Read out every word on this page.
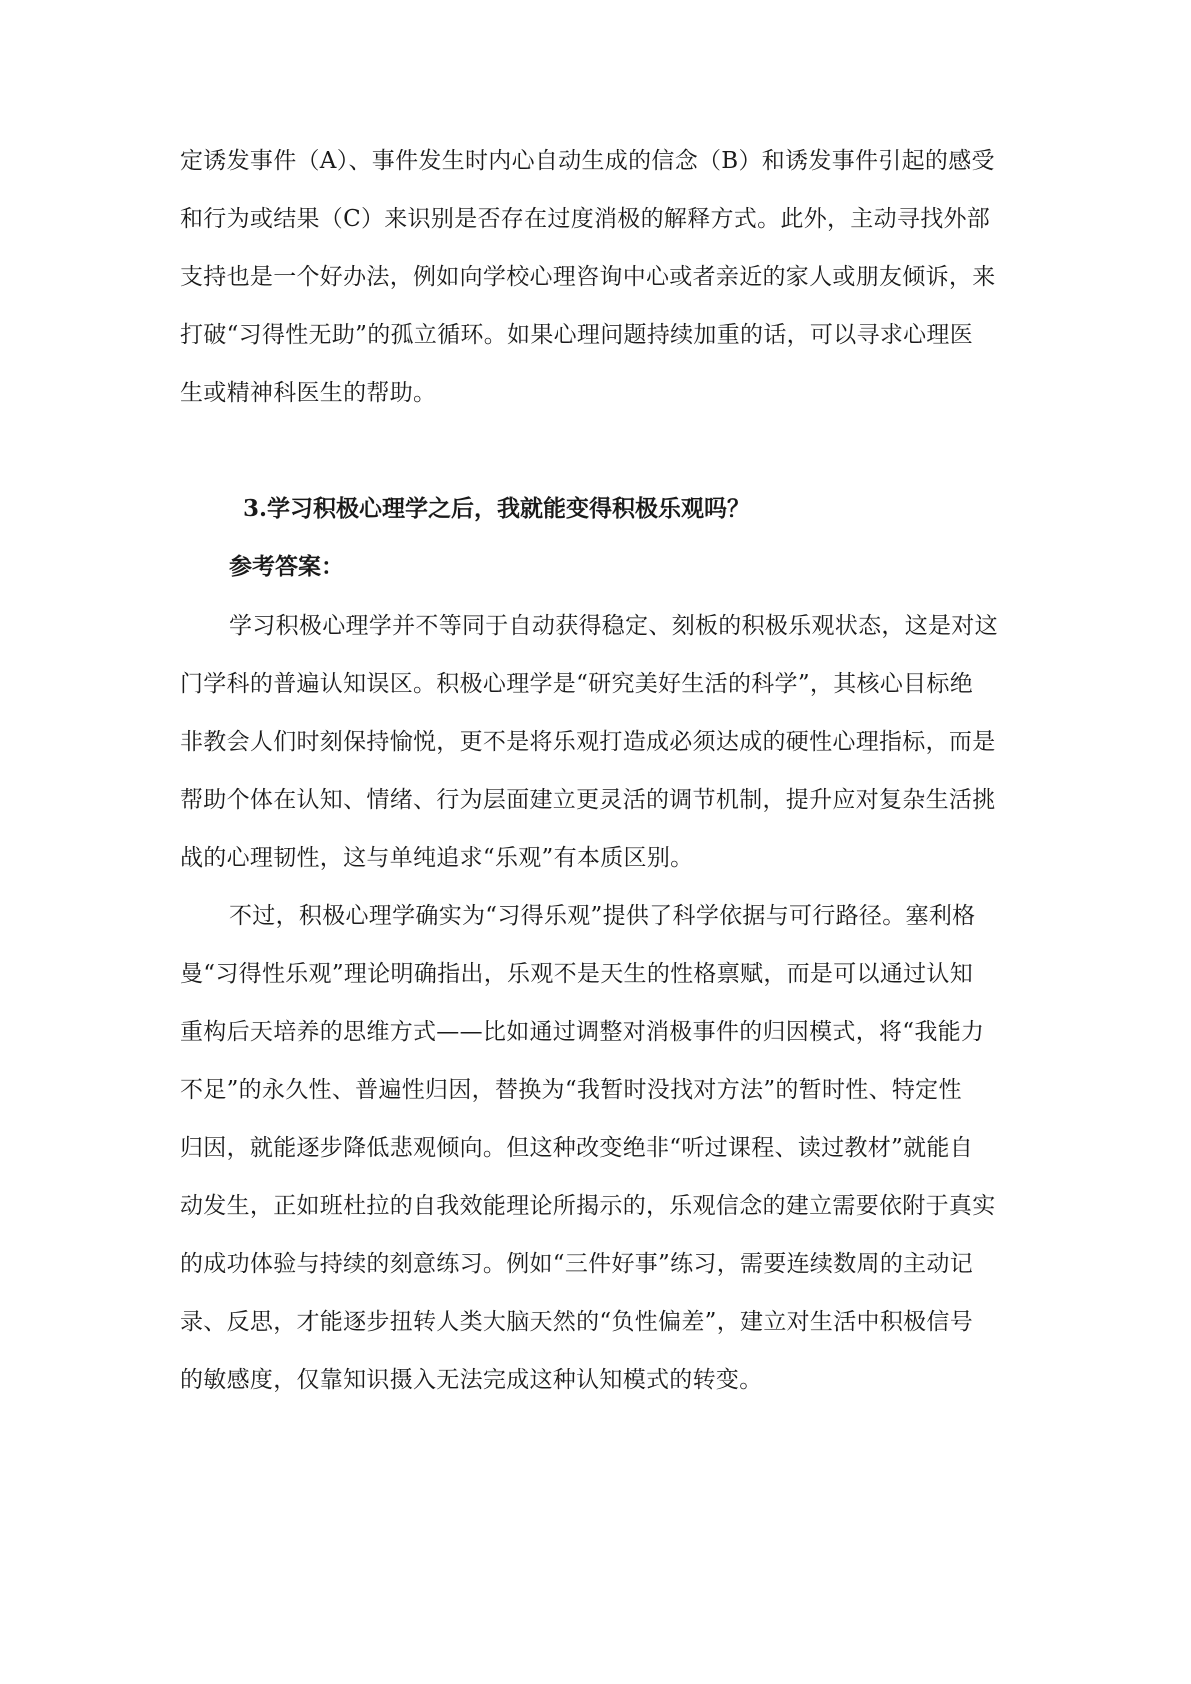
定诱发事件（A）、事件发生时内心自动生成的信念（B）和诱发事件引起的感受
和行为或结果（C）来识别是否存在过度消极的解释方式。此外，主动寻找外部
支持也是一个好办法，例如向学校心理咨询中心或者亲近的家人或朋友倾诉，来
打破“习得性无助”的孤立循环。如果心理问题持续加重的话，可以寻求心理医
生或精神科医生的帮助。
3.学习积极心理学之后，我就能变得积极乐观吗？
参考答案：
学习积极心理学并不等同于自动获得稳定、刻板的积极乐观状态，这是对这
门学科的普遍认知误区。积极心理学是“研究美好生活的科学”，其核心目标绝
非教会人们时刻保持愉悦，更不是将乐观打造成必须达成的硬性心理指标，而是
帮助个体在认知、情绪、行为层面建立更灵活的调节机制，提升应对复杂生活挑
战的心理韧性，这与单纯追求“乐观”有本质区别。
不过，积极心理学确实为“习得乐观”提供了科学依据与可行路径。塞利格
曼“习得性乐观”理论明确指出，乐观不是天生的性格禀赋，而是可以通过认知
重构后天培养的思维方式——比如通过调整对消极事件的归因模式，将“我能力
不足”的永久性、普遍性归因，替换为“我暂时没找对方法”的暂时性、特定性
归因，就能逐步降低悲观倾向。但这种改变绝非“听过课程、读过教材”就能自
动发生，正如班杜拉的自我效能理论所揭示的，乐观信念的建立需要依附于真实
的成功体验与持续的刻意练习。例如“三件好事”练习，需要连续数周的主动记
录、反思，才能逐步扭转人类大脑天然的“负性偏差”，建立对生活中积极信号
的敏感度，仅靠知识摄入无法完成这种认知模式的转变。
